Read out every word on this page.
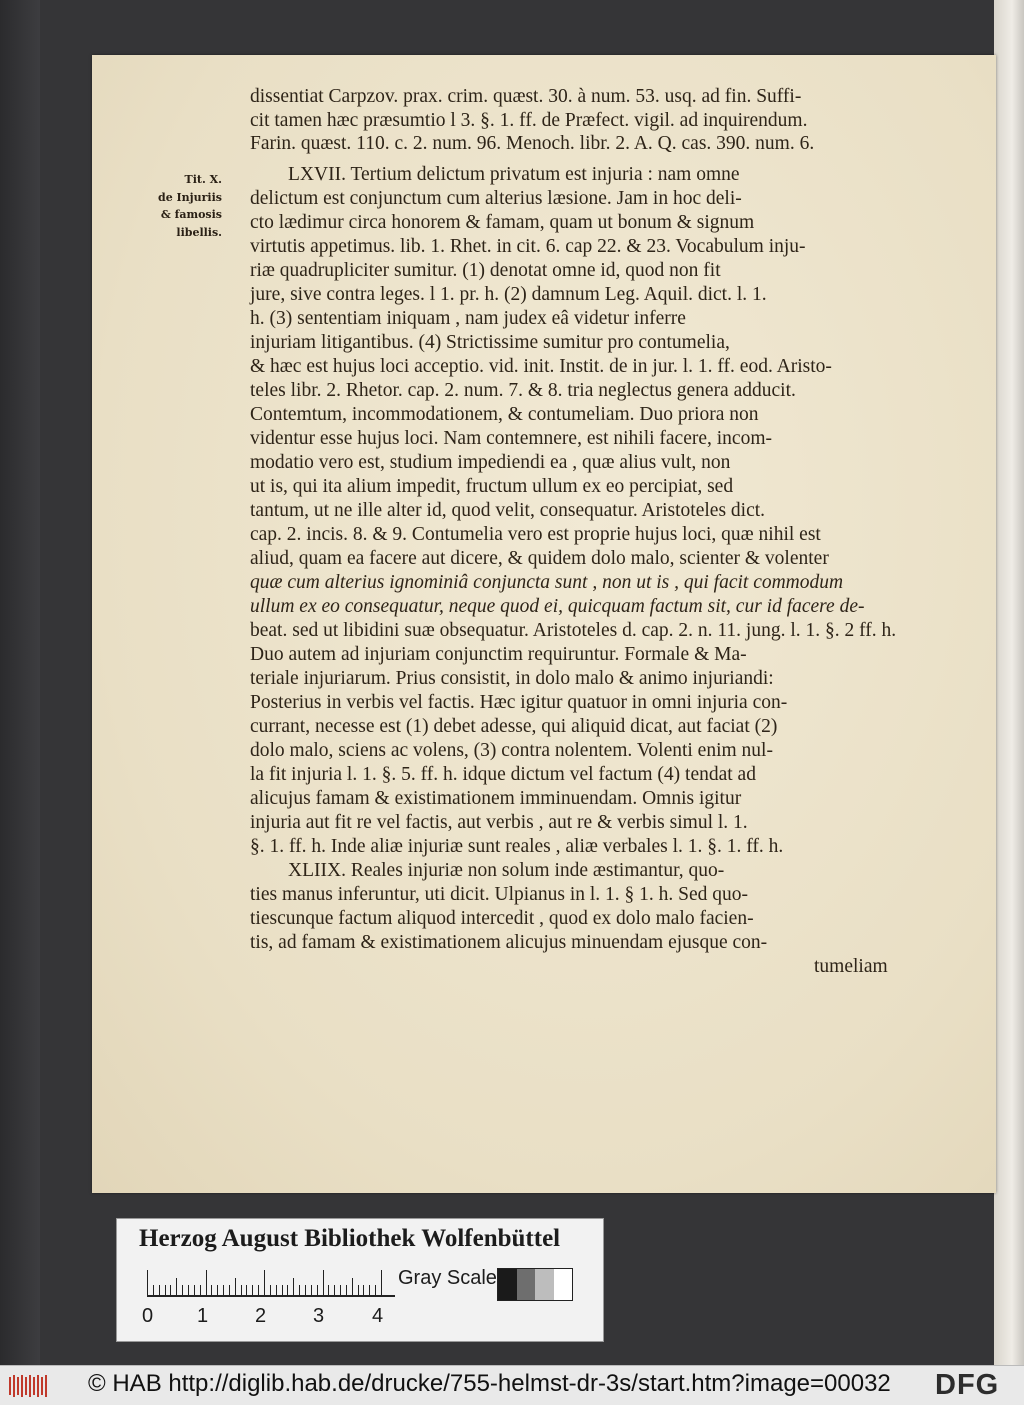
Tit. X.
de Injuriis
& famosis
libellis.
dissentiat Carpzov. prax. crim. quæst. 30. à num. 53. usq. ad fin. Suffi-
cit tamen hæc præsumtio l 3. §. 1. ff. de Præfect. vigil. ad inquirendum.
Farin. quæst. 110. c. 2. num. 96. Menoch. libr. 2. A. Q. cas. 390. num. 6.
LXVII. Tertium delictum privatum est injuria : nam omne
delictum est conjunctum cum alterius læsione. Jam in hoc deli-
cto lædimur circa honorem & famam, quam ut bonum & signum
virtutis appetimus. lib. 1. Rhet. in cit. 6. cap 22. & 23. Vocabulum inju-
riæ quadrupliciter sumitur. (1) denotat omne id, quod non fit
jure, sive contra leges. l 1. pr. h. (2) damnum Leg. Aquil. dict. l. 1.
h. (3) sententiam iniquam , nam judex eâ videtur inferre
injuriam litigantibus. (4) Strictissime sumitur pro contumelia,
& hæc est hujus loci acceptio. vid. init. Instit. de in jur. l. 1. ff. eod. Aristo-
teles libr. 2. Rhetor. cap. 2. num. 7. & 8. tria neglectus genera adducit.
Contemtum, incommodationem, & contumeliam. Duo priora non
videntur esse hujus loci. Nam contemnere, est nihili facere, incom-
modatio vero est, studium impediendi ea , quæ alius vult, non
ut is, qui ita alium impedit, fructum ullum ex eo percipiat, sed
tantum, ut ne ille alter id, quod velit, consequatur. Aristoteles dict.
cap. 2. incis. 8. & 9. Contumelia vero est proprie hujus loci, quæ nihil est
aliud, quam ea facere aut dicere, & quidem dolo malo, scienter & volenter
quæ cum alterius ignominiâ conjuncta sunt , non ut is , qui facit commodum
ullum ex eo consequatur, neque quod ei, quicquam factum sit, cur id facere de-
beat. sed ut libidini suæ obsequatur. Aristoteles d. cap. 2. n. 11. jung. l. 1. §. 2 ff. h.
Duo autem ad injuriam conjunctim requiruntur. Formale & Ma-
teriale injuriarum. Prius consistit, in dolo malo & animo injuriandi:
Posterius in verbis vel factis. Hæc igitur quatuor in omni injuria con-
currant, necesse est (1) debet adesse, qui aliquid dicat, aut faciat (2)
dolo malo, sciens ac volens, (3) contra nolentem. Volenti enim nul-
la fit injuria l. 1. §. 5. ff. h. idque dictum vel factum (4) tendat ad
alicujus famam & existimationem imminuendam. Omnis igitur
injuria aut fit re vel factis, aut verbis , aut re & verbis simul l. 1.
§. 1. ff. h. Inde aliæ injuriæ sunt reales , aliæ verbales l. 1. §. 1. ff. h.
XLIIX. Reales injuriæ non solum inde æstimantur, quo-
ties manus inferuntur, uti dicit. Ulpianus in l. 1. § 1. h. Sed quo-
tiescunque factum aliquod intercedit , quod ex dolo malo facien-
tis, ad famam & existimationem alicujus minuendam ejusque con-
tumeliam
Herzog August Bibliothek Wolfenbüttel
0 1 2 3 4
Gray Scale
© HAB http://diglib.hab.de/drucke/755-helmst-dr-3s/start.htm?image=00032 DFG
